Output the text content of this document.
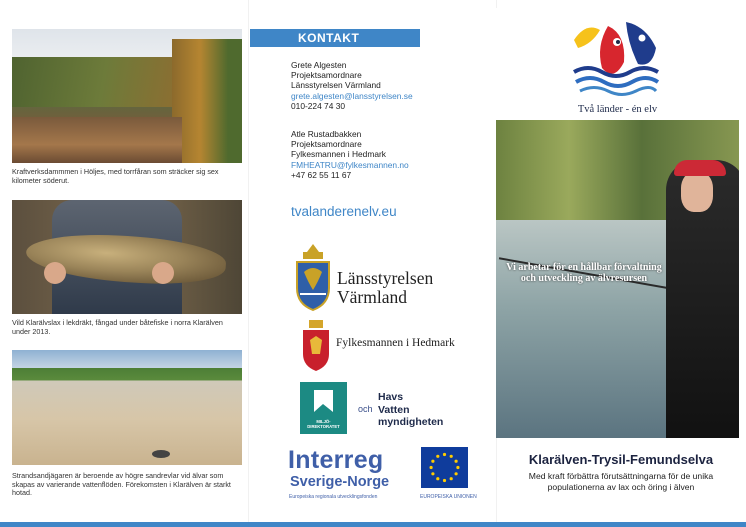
Kraftverksdammmen i Höljes, med torrfåran som sträcker sig sex kilometer söderut.
Vild Klarälvslax i lekdräkt, fångad under båtefiske i norra Klarälven under 2013.
Strandsandjägaren är beroende av högre sandrevlar vid älvar som skapas av varierande vattenflöden. Förekomsten i Klarälven är starkt hotad.
KONTAKT
Grete Algesten
Projektsamordnare
Länsstyrelsen Värmland
grete.algesten@lansstyrelsen.se
010-224 74 30
Atle Rustadbakken
Projektsamordnare
Fylkesmannen i Hedmark
FMHEATRU@fylkesmannen.no
+47 62 55 11 67
tvalanderenelv.eu
Länsstyrelsen
Värmland
Fylkesmannen i Hedmark
MILJÖ-
DIREKTORATET
och
Havs
Vatten
myndigheten
Interreg
Sverige-Norge
Europeiska regionala utvecklingsfonden	EUROPEISKA UNIONEN
Två länder - én elv
Vi arbetar för en hållbar förvaltning och utveckling av älvresursen
Klarälven-Trysil-Femundselva
Med kraft förbättra förutsättningarna för de unika
populationerna av lax och öring i älven
